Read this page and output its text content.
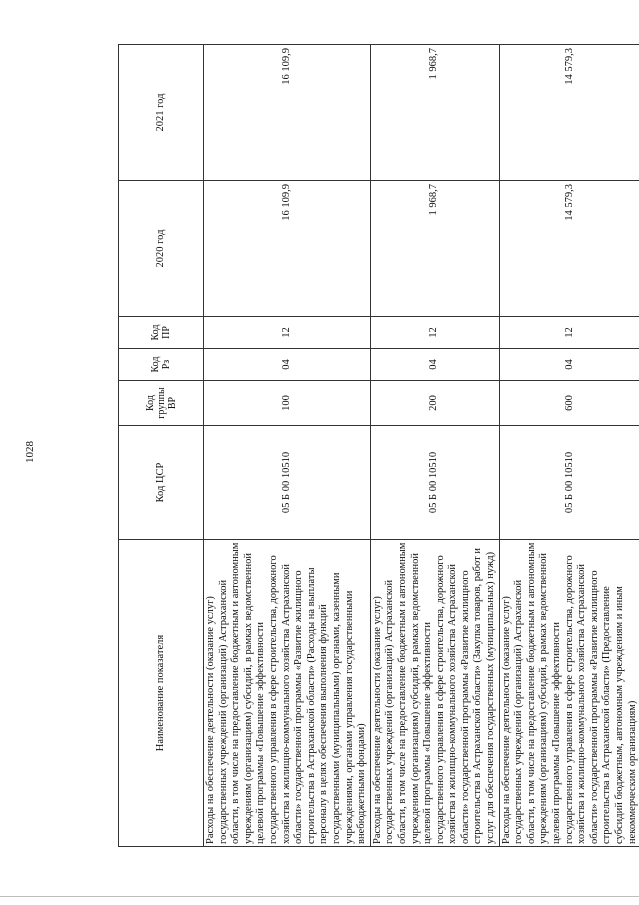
1028
Наименование показателя	Код ЦСР	Код группы ВР	Код Рз	Код ПР	2020 год	2021 год
Расходы на обеспечение деятельности (оказание услуг) государственных учреждений (организаций) Астраханской области, в том числе на предоставление бюджетным и автономным учреждениям (организациям) субсидий, в рамках ведомственной целевой программы «Повышение эффективности государственного управления в сфере строительства, дорожного хозяйства и жилищно-коммунального хозяйства Астраханской области» государственной программы «Развитие жилищного строительства в Астраханской области» (Расходы на выплаты персоналу в целях обеспечения выполнения функций государственными (муниципальными) органами, казенными учреждениями, органами управления государственными внебюджетными фондами)	05 Б 00 10510	100	04	12	16 109,9	16 109,9
Расходы на обеспечение деятельности (оказание услуг) государственных учреждений (организаций) Астраханской области, в том числе на предоставление бюджетным и автономным учреждениям (организациям) субсидий, в рамках ведомственной целевой программы «Повышение эффективности государственного управления в сфере строительства, дорожного хозяйства и жилищно-коммунального хозяйства Астраханской области» государственной программы «Развитие жилищного строительства в Астраханской области» (Закупка товаров, работ и услуг для обеспечения государственных (муниципальных) нужд)	05 Б 00 10510	200	04	12	1 968,7	1 968,7
Расходы на обеспечение деятельности (оказание услуг) государственных учреждений (организаций) Астраханской области, в том числе на предоставление бюджетным и автономным учреждениям (организациям) субсидий, в рамках ведомственной целевой программы «Повышение эффективности государственного управления в сфере строительства, дорожного хозяйства и жилищно-коммунального хозяйства Астраханской области» государственной программы «Развитие жилищного строительства в Астраханской области» (Предоставление субсидий бюджетным, автономным учреждениям и иным некоммерческим организациям)	05 Б 00 10510	600	04	12	14 579,3	14 579,3
